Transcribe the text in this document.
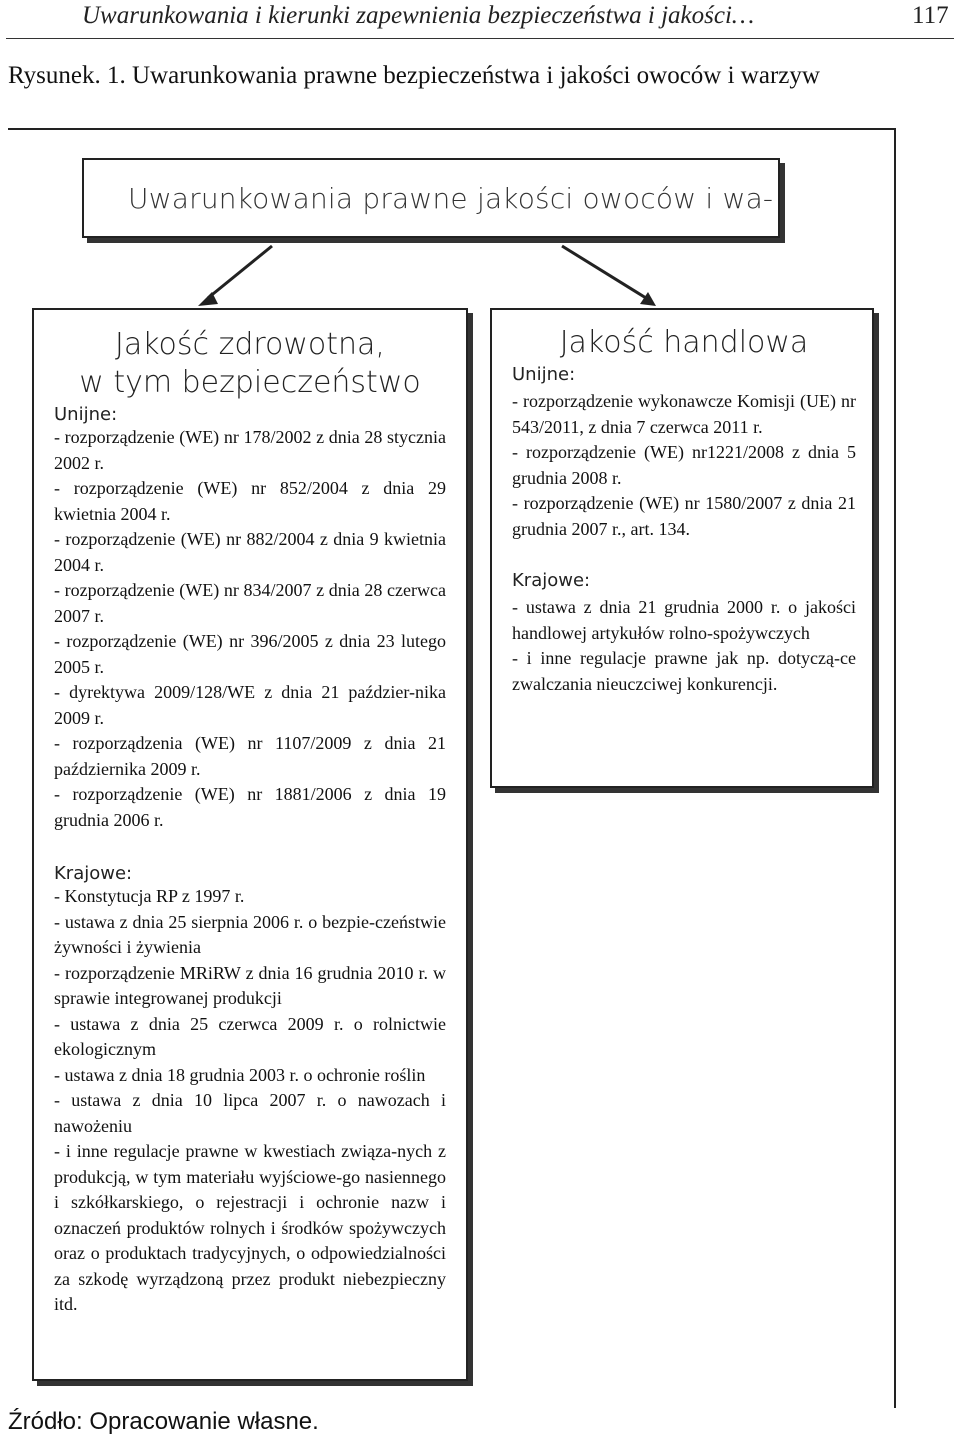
Uwarunkowania i kierunki zapewnienia bezpieczeństwa i jakości…	117
Rysunek. 1. Uwarunkowania prawne bezpieczeństwa i jakości owoców i warzyw
Uwarunkowania prawne jakości owoców i wa-
Jakość zdrowotna,
w tym bezpieczeństwo
Unijne:
- rozporządzenie (WE) nr 178/2002 z dnia 28 stycznia 2002 r.
- rozporządzenie (WE) nr 852/2004 z dnia 29 kwietnia 2004 r.
- rozporządzenie (WE) nr 882/2004 z dnia 9 kwietnia 2004 r.
- rozporządzenie (WE) nr 834/2007 z dnia 28 czerwca 2007 r.
- rozporządzenie (WE) nr 396/2005 z dnia 23 lutego 2005 r.
- dyrektywa 2009/128/WE z dnia 21 paździer-nika 2009 r.
- rozporządzenia (WE) nr 1107/2009 z dnia 21 października 2009 r.
- rozporządzenie (WE) nr 1881/2006 z dnia 19 grudnia 2006 r.
Krajowe:
- Konstytucja RP z 1997 r.
- ustawa z dnia 25 sierpnia 2006 r. o bezpie-czeństwie żywności i żywienia
- rozporządzenie MRiRW z dnia 16 grudnia 2010 r. w sprawie integrowanej produkcji
- ustawa z dnia 25 czerwca 2009 r. o rolnictwie ekologicznym
- ustawa z dnia 18 grudnia 2003 r. o ochronie roślin
- ustawa z dnia 10 lipca 2007 r. o nawozach i nawożeniu
- i inne regulacje prawne w kwestiach związa-nych z produkcją, w tym materiału wyjściowe-go nasiennego i szkółkarskiego, o rejestracji i ochronie nazw i oznaczeń produktów rolnych i środków spożywczych oraz o produktach tradycyjnych, o odpowiedzialności za szkodę wyrządzoną przez produkt niebezpieczny itd.
Jakość handlowa
Unijne:
- rozporządzenie wykonawcze Komisji (UE) nr 543/2011, z dnia 7 czerwca 2011 r.
- rozporządzenie (WE) nr1221/2008 z dnia 5 grudnia 2008 r.
- rozporządzenie (WE) nr 1580/2007 z dnia 21 grudnia 2007 r., art. 134.
Krajowe:
- ustawa z dnia 21 grudnia 2000 r. o jakości handlowej artykułów rolno-spożywczych
- i inne regulacje prawne jak np. dotyczą-ce zwalczania nieuczciwej konkurencji.
Źródło: Opracowanie własne.
